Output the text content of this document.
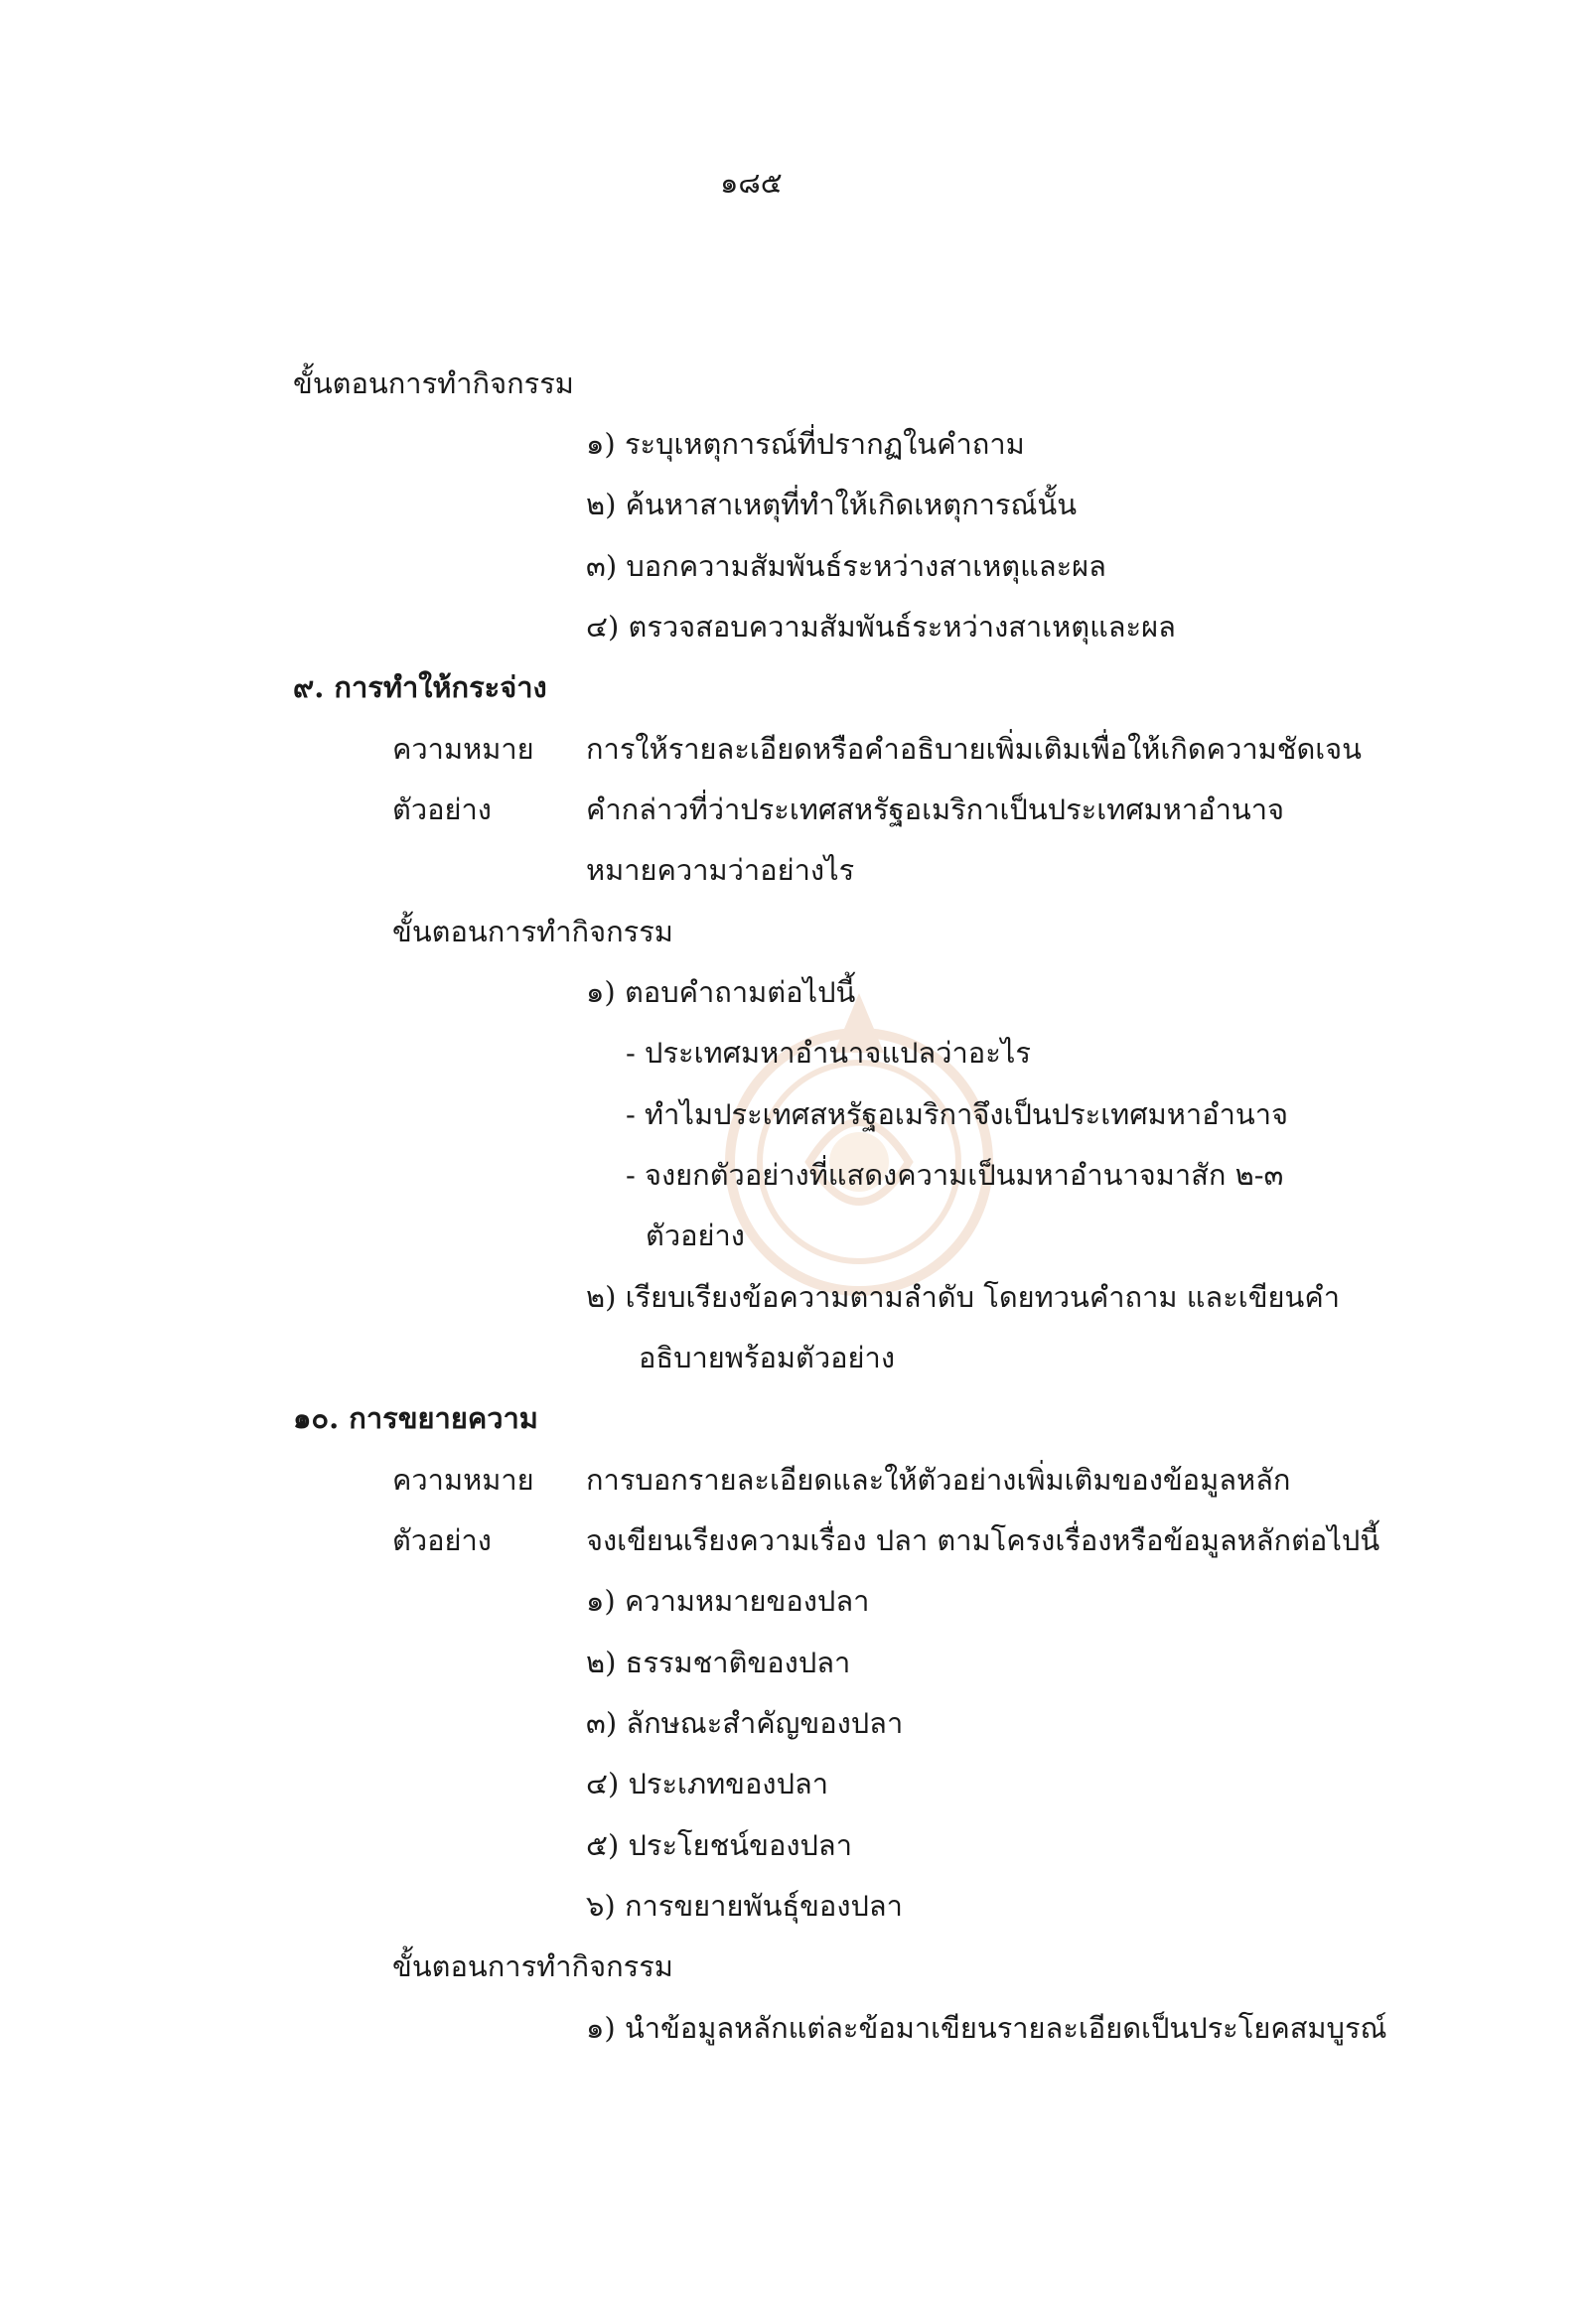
๑๘๕
ขั้นตอนการทำกิจกรรม
๑) ระบุเหตุการณ์ที่ปรากฏในคำถาม
๒) ค้นหาสาเหตุที่ทำให้เกิดเหตุการณ์นั้น
๓) บอกความสัมพันธ์ระหว่างสาเหตุและผล
๔) ตรวจสอบความสัมพันธ์ระหว่างสาเหตุและผล
๙. การทำให้กระจ่าง
ความหมาย การให้รายละเอียดหรือคำอธิบายเพิ่มเติมเพื่อให้เกิดความชัดเจน
ตัวอย่าง	คำกล่าวที่ว่าประเทศสหรัฐอเมริกาเป็นประเทศมหาอำนาจ
หมายความว่าอย่างไร
ขั้นตอนการทำกิจกรรม
๑) ตอบคำถามต่อไปนี้
- ประเทศมหาอำนาจแปลว่าอะไร
- ทำไมประเทศสหรัฐอเมริกาจึงเป็นประเทศมหาอำนาจ
- จงยกตัวอย่างที่แสดงความเป็นมหาอำนาจมาสัก ๒-๓
ตัวอย่าง
๒) เรียบเรียงข้อความตามลำดับ โดยทวนคำถาม และเขียนคำ
อธิบายพร้อมตัวอย่าง
๑๐. การขยายความ
ความหมาย การบอกรายละเอียดและให้ตัวอย่างเพิ่มเติมของข้อมูลหลัก
ตัวอย่าง	จงเขียนเรียงความเรื่อง ปลา ตามโครงเรื่องหรือข้อมูลหลักต่อไปนี้
๑) ความหมายของปลา
๒) ธรรมชาติของปลา
๓) ลักษณะสำคัญของปลา
๔) ประเภทของปลา
๕) ประโยชน์ของปลา
๖) การขยายพันธุ์ของปลา
ขั้นตอนการทำกิจกรรม
๑) นำข้อมูลหลักแต่ละข้อมาเขียนรายละเอียดเป็นประโยคสมบูรณ์
